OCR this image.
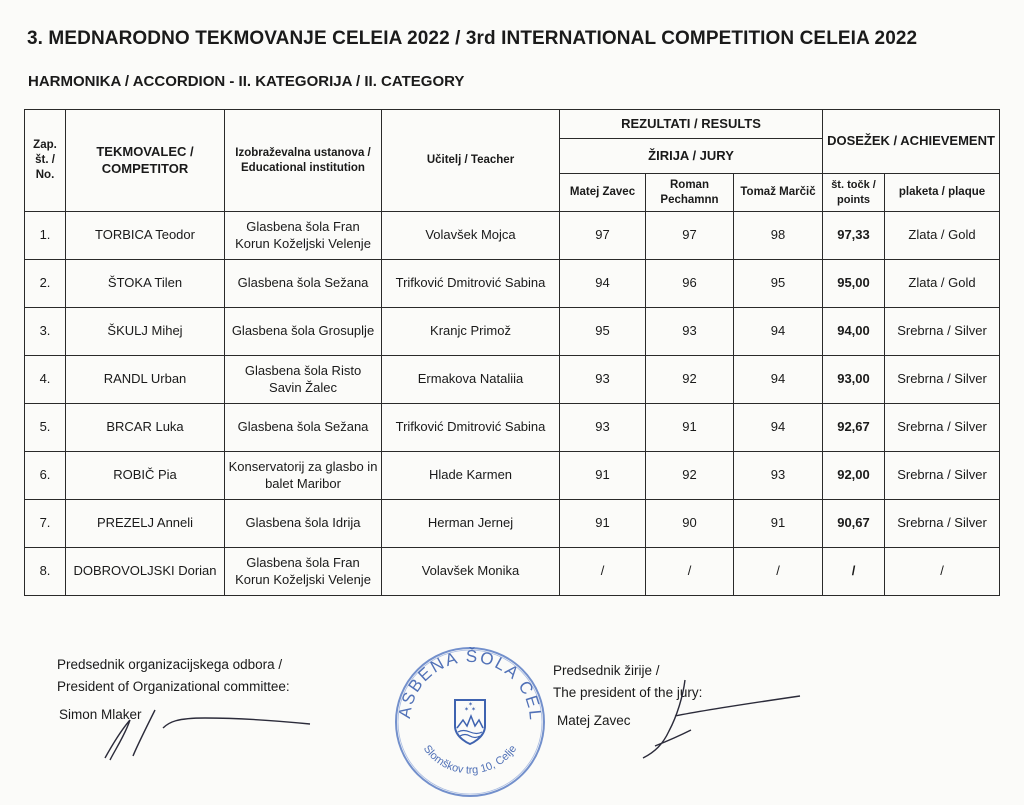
3. MEDNARODNO TEKMOVANJE CELEIA 2022 / 3rd INTERNATIONAL COMPETITION CELEIA 2022
HARMONIKA / ACCORDION - II. KATEGORIJA / II. CATEGORY
Zap. št. / No.	TEKMOVALEC / COMPETITOR	Izobraževalna ustanova / Educational institution	Učitelj / Teacher	REZULTATI / RESULTS			DOSEŽEK / ACHIEVEMENT	
				ŽIRIJA / JURY				
				Matej Zavec	Roman Pechamnn	Tomaž Marčič	št. točk / points	plaketa / plaque
1.	TORBICA Teodor	Glasbena šola Fran Korun Koželjski Velenje	Volavšek Mojca	97	97	98	97,33	Zlata / Gold
2.	ŠTOKA Tilen	Glasbena šola Sežana	Trifković Dmitrović Sabina	94	96	95	95,00	Zlata / Gold
3.	ŠKULJ Mihej	Glasbena šola Grosuplje	Kranjc Primož	95	93	94	94,00	Srebrna / Silver
4.	RANDL Urban	Glasbena šola Risto Savin Žalec	Ermakova Nataliia	93	92	94	93,00	Srebrna / Silver
5.	BRCAR Luka	Glasbena šola Sežana	Trifković Dmitrović Sabina	93	91	94	92,67	Srebrna / Silver
6.	ROBIČ Pia	Konservatorij za glasbo in balet Maribor	Hlade Karmen	91	92	93	92,00	Srebrna / Silver
7.	PREZELJ Anneli	Glasbena šola Idrija	Herman Jernej	91	90	91	90,67	Srebrna / Silver
8.	DOBROVOLJSKI Dorian	Glasbena šola Fran Korun Koželjski Velenje	Volavšek Monika	/	/	/	/	/
Predsednik organizacijskega odbora /
President of Organizational committee:
Simon Mlaker	ASBENA ŠOLA CEL
Slomškov trg 10, Celje
✶ ✶
✶
Predsednik žirije /
The president of the jury:
Matej Zavec
